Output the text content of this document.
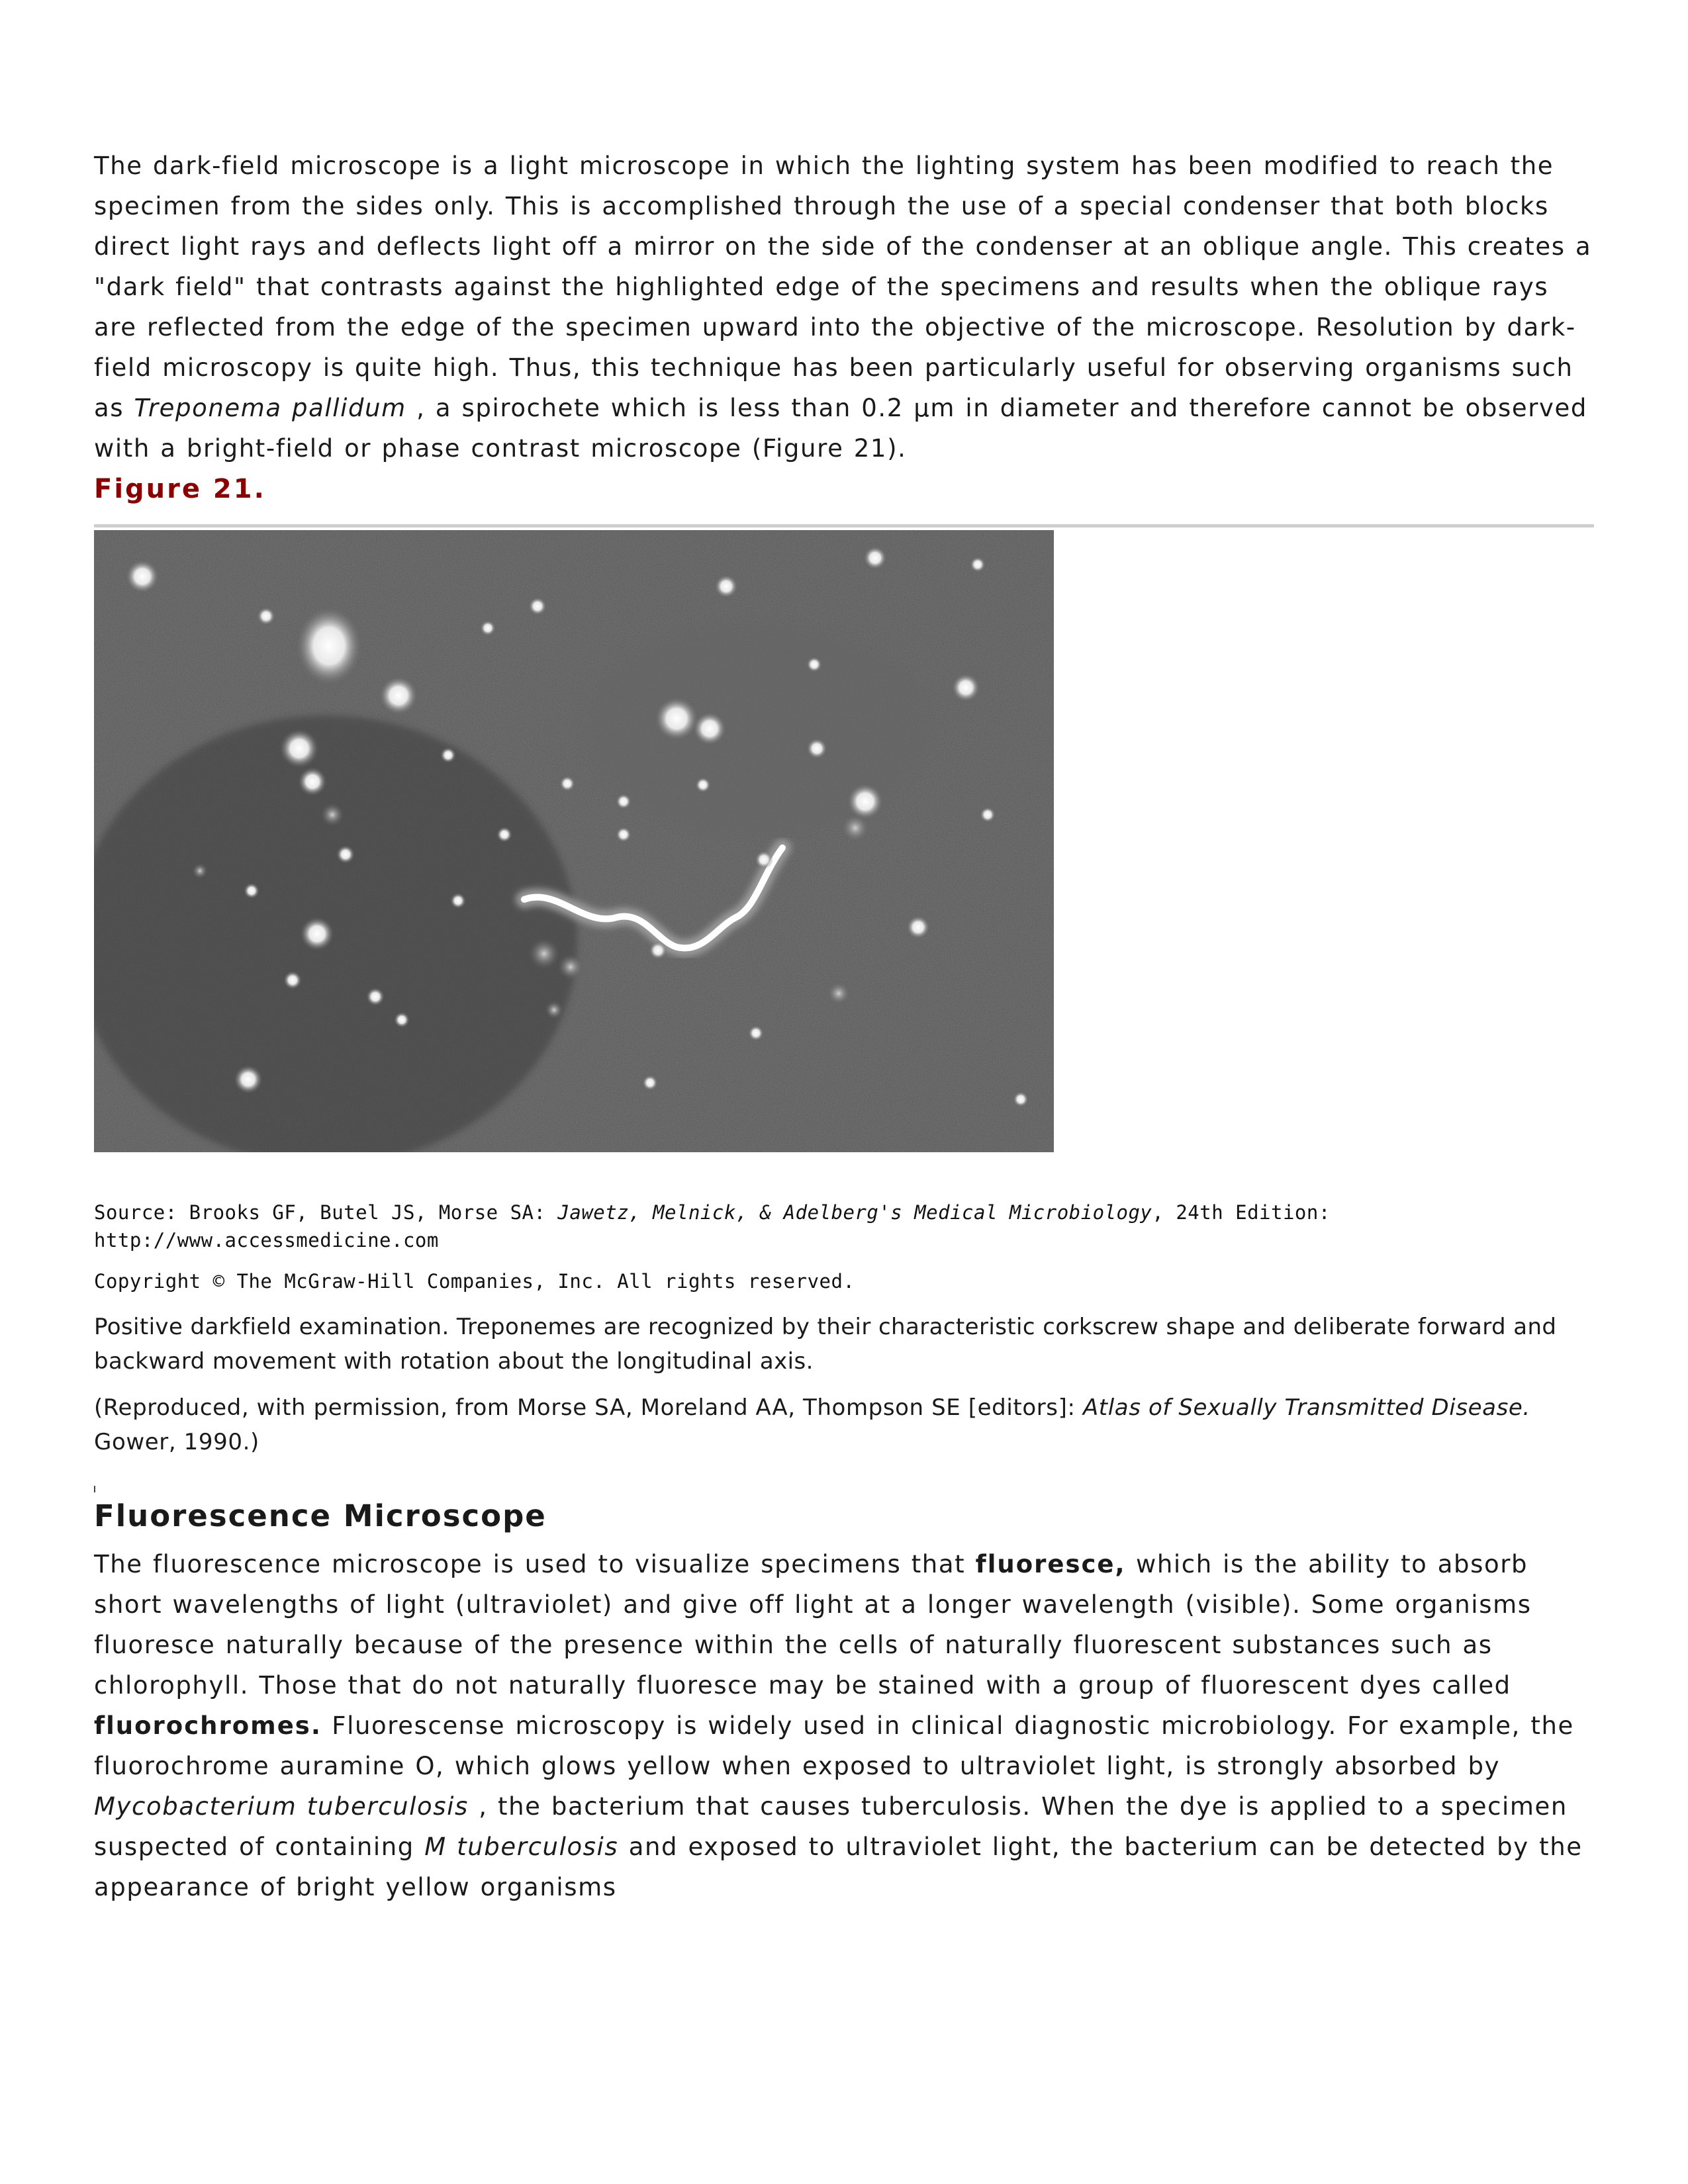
The dark-field microscope is a light microscope in which the lighting system has been modified to reach the specimen from the sides only. This is accomplished through the use of a special condenser that both blocks direct light rays and deflects light off a mirror on the side of the condenser at an oblique angle. This creates a "dark field" that contrasts against the highlighted edge of the specimens and results when the oblique rays are reflected from the edge of the specimen upward into the objective of the microscope. Resolution by dark-field microscopy is quite high. Thus, this technique has been particularly useful for observing organisms such as Treponema pallidum , a spirochete which is less than 0.2 µm in diameter and therefore cannot be observed with a bright-field or phase contrast microscope (Figure 21).

Figure 21.

Source: Brooks GF, Butel JS, Morse SA: Jawetz, Melnick, & Adelberg's Medical Microbiology, 24th Edition: http://www.accessmedicine.com

Copyright © The McGraw-Hill Companies, Inc. All rights reserved.

Positive darkfield examination. Treponemes are recognized by their characteristic corkscrew shape and deliberate forward and backward movement with rotation about the longitudinal axis.

(Reproduced, with permission, from Morse SA, Moreland AA, Thompson SE [editors]: Atlas of Sexually Transmitted Disease. Gower, 1990.)

Fluorescence Microscope

The fluorescence microscope is used to visualize specimens that fluoresce, which is the ability to absorb short wavelengths of light (ultraviolet) and give off light at a longer wavelength (visible). Some organisms fluoresce naturally because of the presence within the cells of naturally fluorescent substances such as chlorophyll. Those that do not naturally fluoresce may be stained with a group of fluorescent dyes called fluorochromes. Fluorescense microscopy is widely used in clinical diagnostic microbiology. For example, the fluorochrome auramine O, which glows yellow when exposed to ultraviolet light, is strongly absorbed by Mycobacterium tuberculosis , the bacterium that causes tuberculosis. When the dye is applied to a specimen suspected of containing M tuberculosis and exposed to ultraviolet light, the bacterium can be detected by the appearance of bright yellow organisms
